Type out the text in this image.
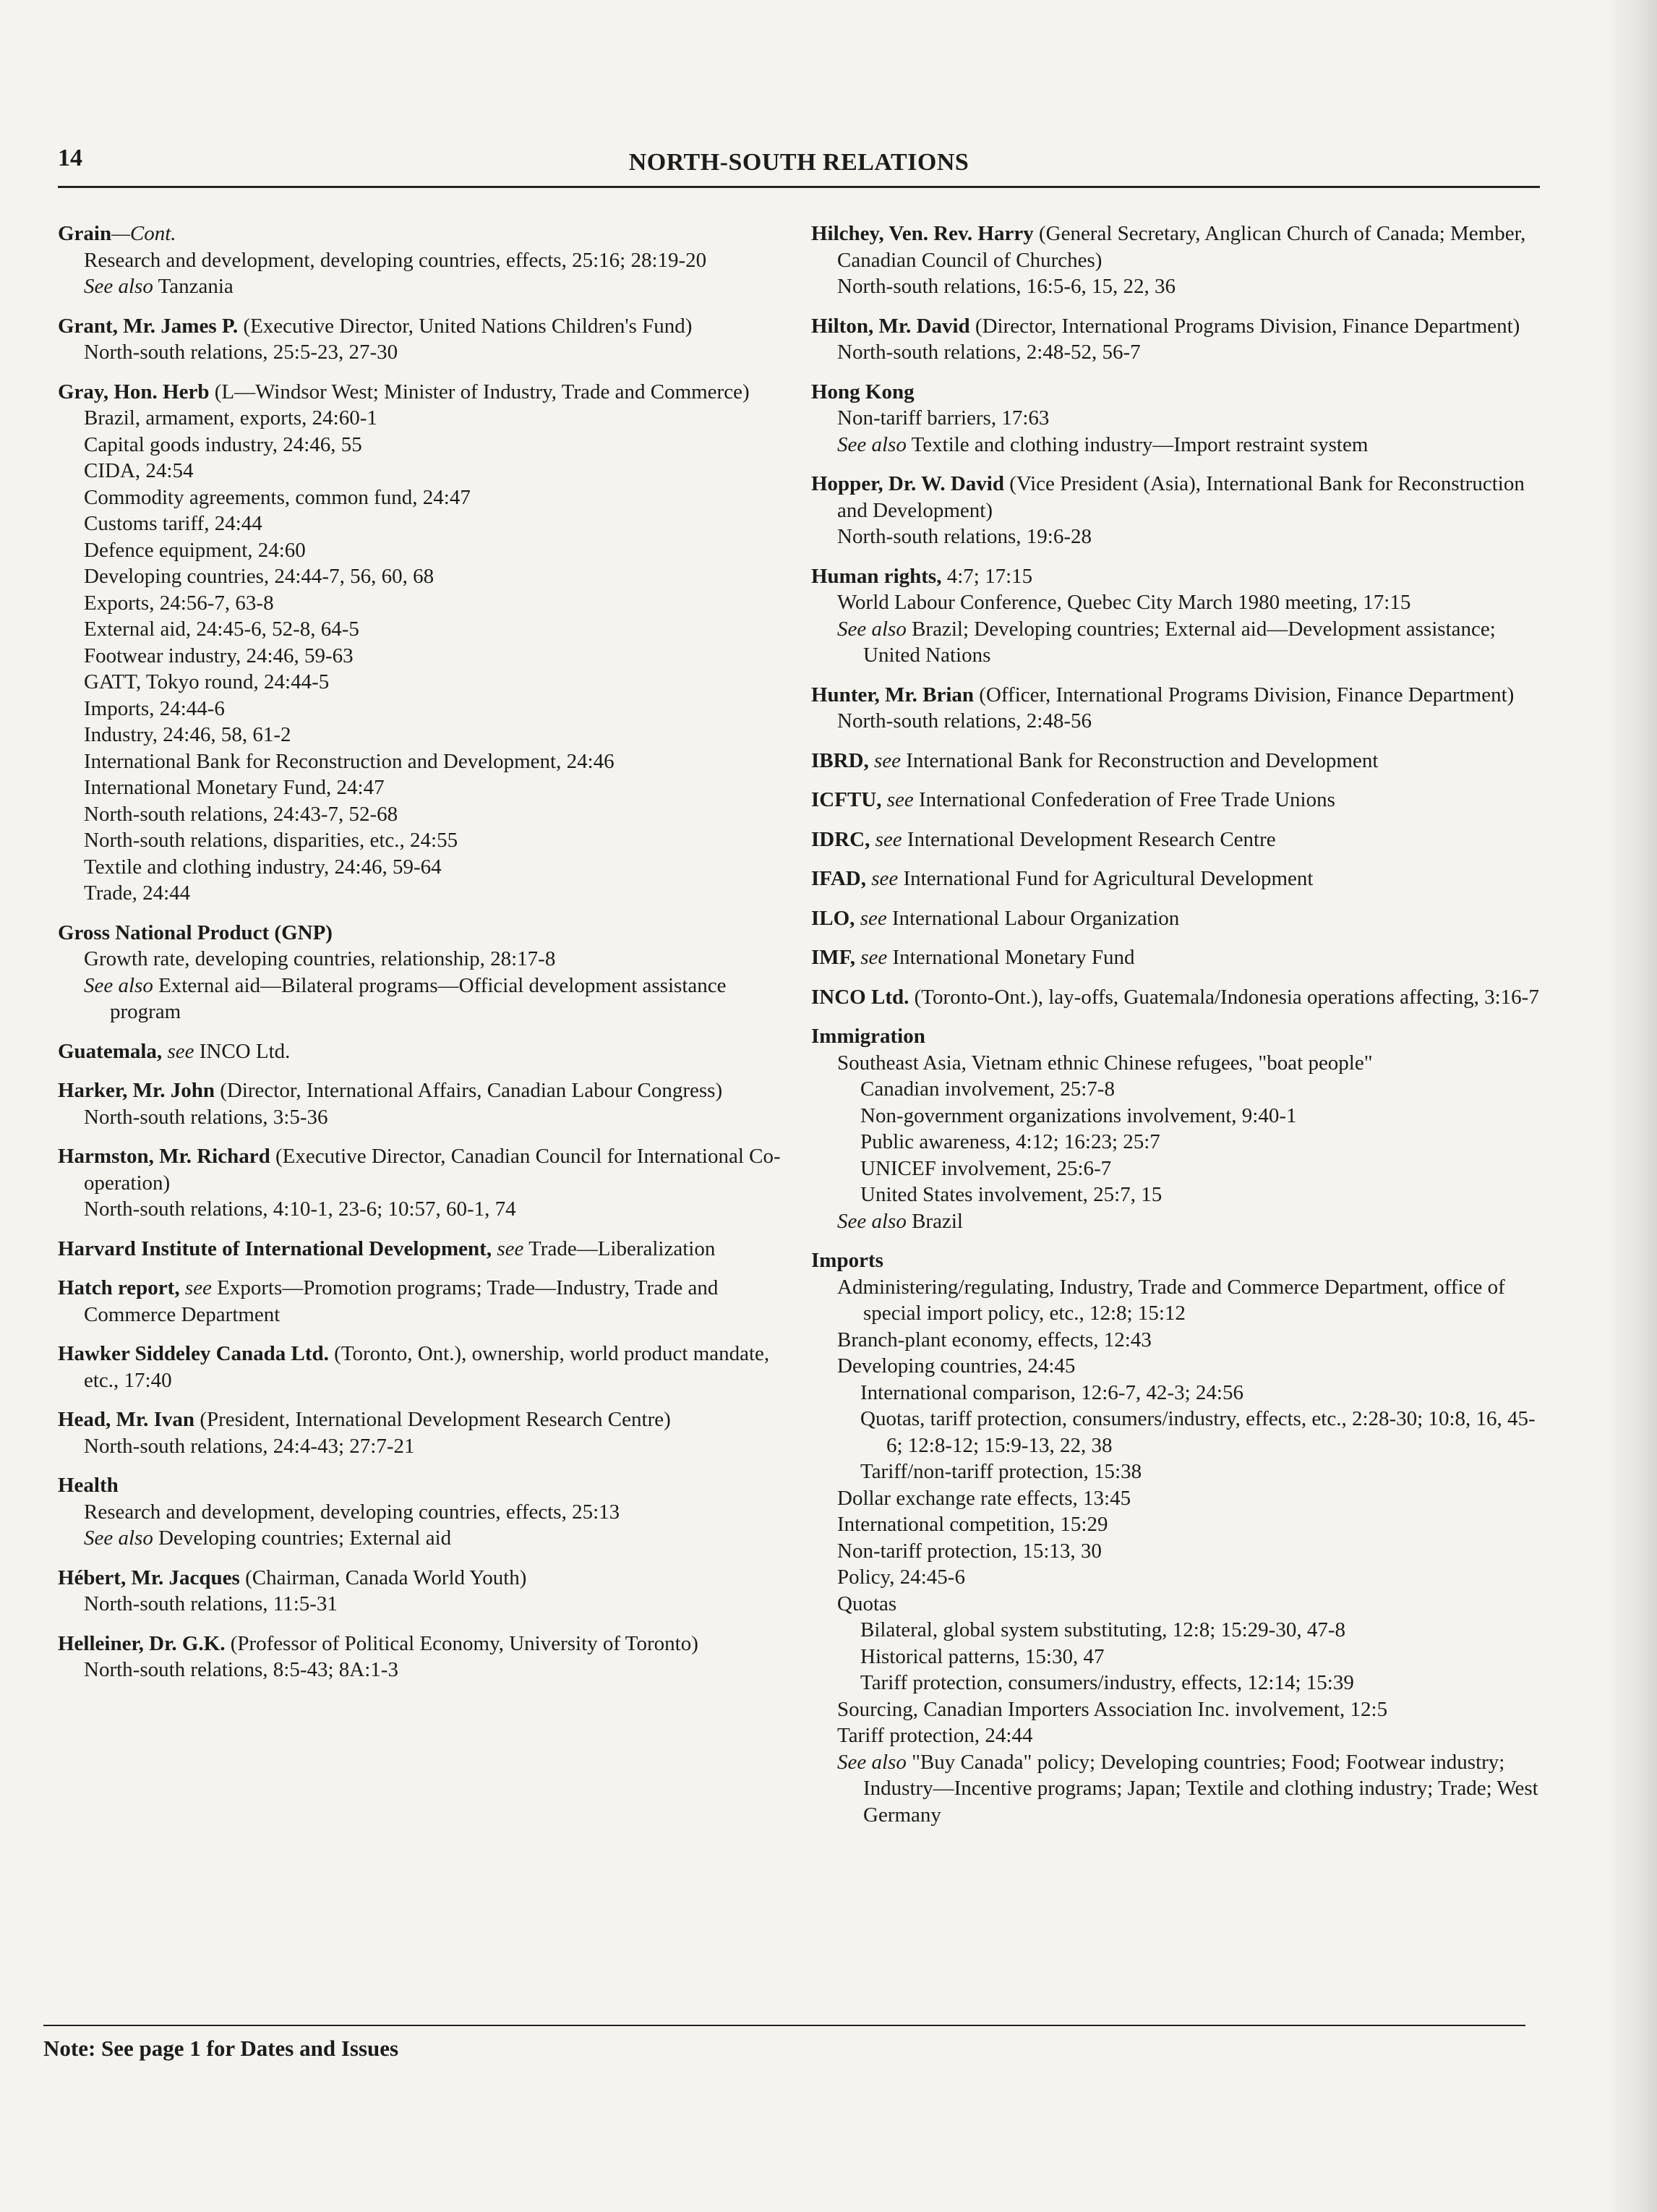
14	NORTH-SOUTH RELATIONS
Grain—Cont.
Research and development, developing countries, effects, 25:16; 28:19-20
See also Tanzania
Grant, Mr. James P. (Executive Director, United Nations Children's Fund)
North-south relations, 25:5-23, 27-30
Gray, Hon. Herb (L—Windsor West; Minister of Industry, Trade and Commerce)
Brazil, armament, exports, 24:60-1
Capital goods industry, 24:46, 55
CIDA, 24:54
Commodity agreements, common fund, 24:47
Customs tariff, 24:44
Defence equipment, 24:60
Developing countries, 24:44-7, 56, 60, 68
Exports, 24:56-7, 63-8
External aid, 24:45-6, 52-8, 64-5
Footwear industry, 24:46, 59-63
GATT, Tokyo round, 24:44-5
Imports, 24:44-6
Industry, 24:46, 58, 61-2
International Bank for Reconstruction and Development, 24:46
International Monetary Fund, 24:47
North-south relations, 24:43-7, 52-68
North-south relations, disparities, etc., 24:55
Textile and clothing industry, 24:46, 59-64
Trade, 24:44
Gross National Product (GNP)
Growth rate, developing countries, relationship, 28:17-8
See also External aid—Bilateral programs—Official development assistance program
Guatemala, see INCO Ltd.
Harker, Mr. John (Director, International Affairs, Canadian Labour Congress)
North-south relations, 3:5-36
Harmston, Mr. Richard (Executive Director, Canadian Council for International Co-operation)
North-south relations, 4:10-1, 23-6; 10:57, 60-1, 74
Harvard Institute of International Development, see Trade—Liberalization
Hatch report, see Exports—Promotion programs; Trade—Industry, Trade and Commerce Department
Hawker Siddeley Canada Ltd. (Toronto, Ont.), ownership, world product mandate, etc., 17:40
Head, Mr. Ivan (President, International Development Research Centre)
North-south relations, 24:4-43; 27:7-21
Health
Research and development, developing countries, effects, 25:13
See also Developing countries; External aid
Hébert, Mr. Jacques (Chairman, Canada World Youth)
North-south relations, 11:5-31
Helleiner, Dr. G.K. (Professor of Political Economy, University of Toronto)
North-south relations, 8:5-43; 8A:1-3
Hilchey, Ven. Rev. Harry (General Secretary, Anglican Church of Canada; Member, Canadian Council of Churches)
North-south relations, 16:5-6, 15, 22, 36
Hilton, Mr. David (Director, International Programs Division, Finance Department)
North-south relations, 2:48-52, 56-7
Hong Kong
Non-tariff barriers, 17:63
See also Textile and clothing industry—Import restraint system
Hopper, Dr. W. David (Vice President (Asia), International Bank for Reconstruction and Development)
North-south relations, 19:6-28
Human rights, 4:7; 17:15
World Labour Conference, Quebec City March 1980 meeting, 17:15
See also Brazil; Developing countries; External aid—Development assistance; United Nations
Hunter, Mr. Brian (Officer, International Programs Division, Finance Department)
North-south relations, 2:48-56
IBRD, see International Bank for Reconstruction and Development
ICFTU, see International Confederation of Free Trade Unions
IDRC, see International Development Research Centre
IFAD, see International Fund for Agricultural Development
ILO, see International Labour Organization
IMF, see International Monetary Fund
INCO Ltd. (Toronto-Ont.), lay-offs, Guatemala/Indonesia operations affecting, 3:16-7
Immigration
Southeast Asia, Vietnam ethnic Chinese refugees, "boat people"
Canadian involvement, 25:7-8
Non-government organizations involvement, 9:40-1
Public awareness, 4:12; 16:23; 25:7
UNICEF involvement, 25:6-7
United States involvement, 25:7, 15
See also Brazil
Imports
Administering/regulating, Industry, Trade and Commerce Department, office of special import policy, etc., 12:8; 15:12
Branch-plant economy, effects, 12:43
Developing countries, 24:45
International comparison, 12:6-7, 42-3; 24:56
Quotas, tariff protection, consumers/industry, effects, etc., 2:28-30; 10:8, 16, 45-6; 12:8-12; 15:9-13, 22, 38
Tariff/non-tariff protection, 15:38
Dollar exchange rate effects, 13:45
International competition, 15:29
Non-tariff protection, 15:13, 30
Policy, 24:45-6
Quotas
Bilateral, global system substituting, 12:8; 15:29-30, 47-8
Historical patterns, 15:30, 47
Tariff protection, consumers/industry, effects, 12:14; 15:39
Sourcing, Canadian Importers Association Inc. involvement, 12:5
Tariff protection, 24:44
See also "Buy Canada" policy; Developing countries; Food; Footwear industry; Industry—Incentive programs; Japan; Textile and clothing industry; Trade; West Germany
Note: See page 1 for Dates and Issues
